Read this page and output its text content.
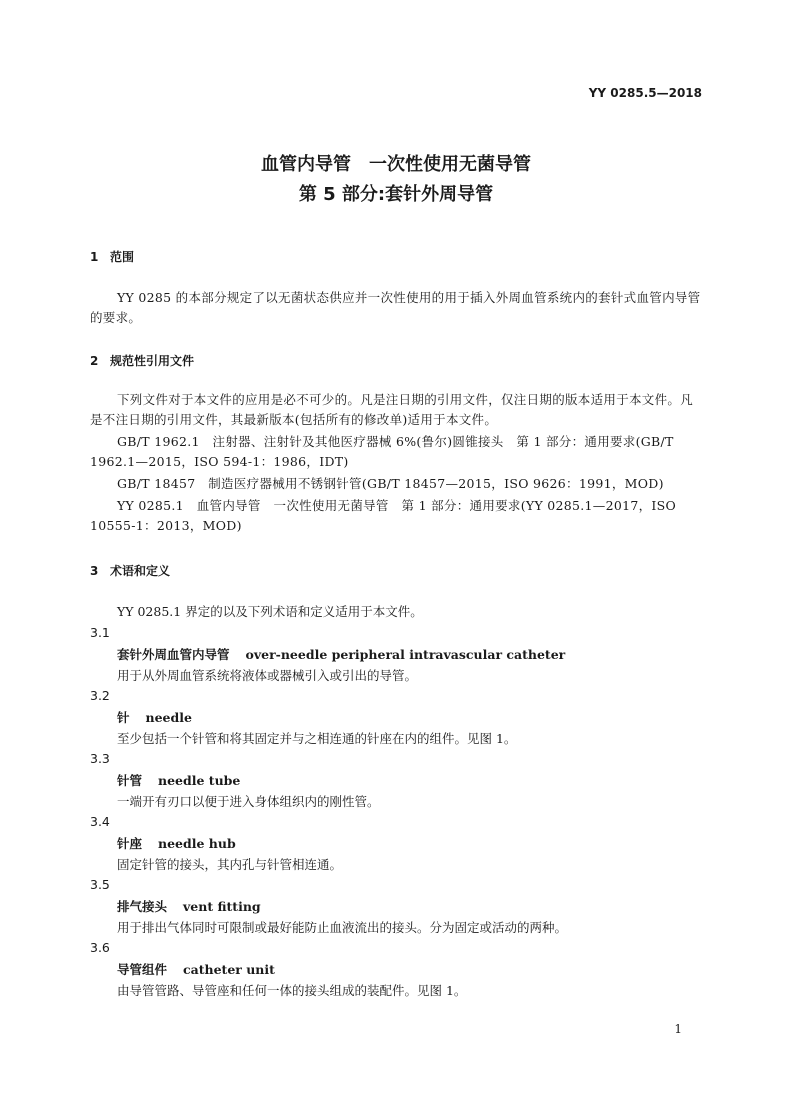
YY 0285.5—2018
血管内导管　一次性使用无菌导管
第 5 部分:套针外周导管
1 范围
YY 0285 的本部分规定了以无菌状态供应并一次性使用的用于插入外周血管系统内的套针式血管内导管的要求。
2 规范性引用文件
下列文件对于本文件的应用是必不可少的。凡是注日期的引用文件，仅注日期的版本适用于本文件。凡是不注日期的引用文件，其最新版本(包括所有的修改单)适用于本文件。
GB/T 1962.1　注射器、注射针及其他医疗器械 6%(鲁尔)圆锥接头　第 1 部分：通用要求(GB/T 1962.1—2015，ISO 594-1：1986，IDT)
GB/T 18457　制造医疗器械用不锈钢针管(GB/T 18457—2015，ISO 9626：1991，MOD)
YY 0285.1　血管内导管　一次性使用无菌导管　第 1 部分：通用要求(YY 0285.1—2017，ISO 10555-1：2013，MOD)
3 术语和定义
YY 0285.1 界定的以及下列术语和定义适用于本文件。
3.1
套针外周血管内导管 over-needle peripheral intravascular catheter
用于从外周血管系统将液体或器械引入或引出的导管。
3.2
针 needle
至少包括一个针管和将其固定并与之相连通的针座在内的组件。见图 1。
3.3
针管 needle tube
一端开有刃口以便于进入身体组织内的刚性管。
3.4
针座 needle hub
固定针管的接头，其内孔与针管相连通。
3.5
排气接头 vent fitting
用于排出气体同时可限制或最好能防止血液流出的接头。分为固定或活动的两种。
3.6
导管组件 catheter unit
由导管管路、导管座和任何一体的接头组成的装配件。见图 1。
1
